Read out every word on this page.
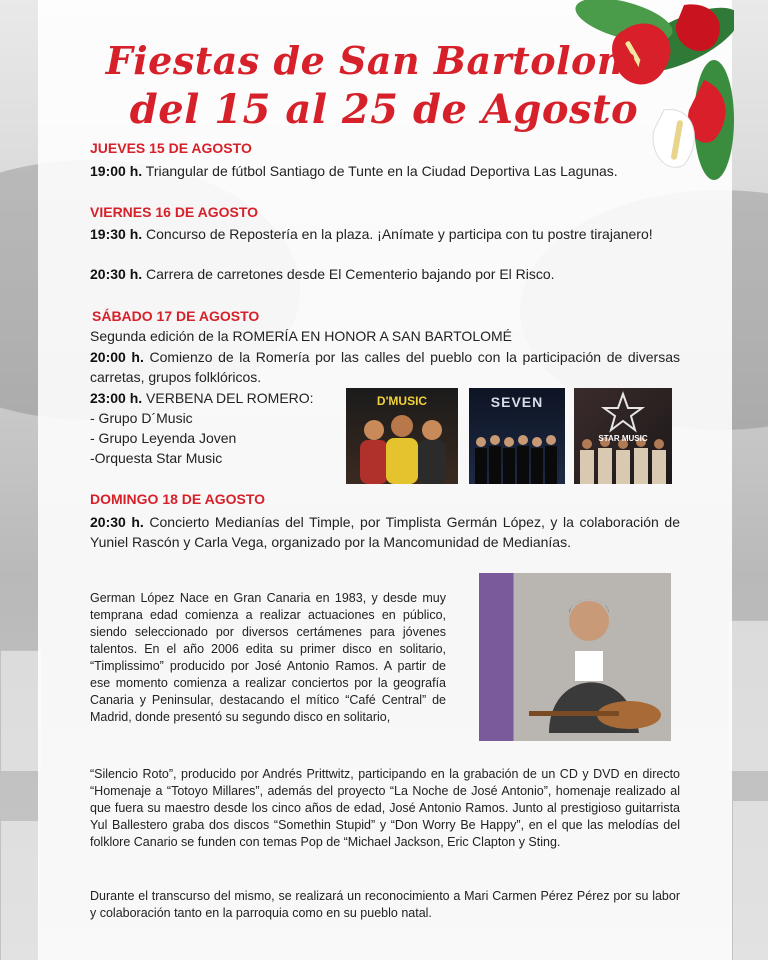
Fiestas de San Bartolomé
del 15 al 25 de Agosto
JUEVES 15 DE AGOSTO
19:00 h. Triangular de fútbol Santiago de Tunte en la Ciudad Deportiva Las Lagunas.
VIERNES 16 DE AGOSTO
19:30 h. Concurso de Repostería en la plaza. ¡Anímate y participa con tu postre tirajanero!
20:30 h. Carrera de carretones desde El Cementerio bajando por El Risco.
SÁBADO 17 DE AGOSTO
Segunda edición de la ROMERÍA EN HONOR A SAN BARTOLOMÉ
20:00 h. Comienzo de la Romería por las calles del pueblo con la participación de diversas carretas, grupos folklóricos.
23:00 h. VERBENA DEL ROMERO:
- Grupo D´Music
- Grupo Leyenda Joven
-Orquesta Star Music
D'MUSIC	SEVEN
STAR MUSIC
DOMINGO 18 DE AGOSTO
20:30 h. Concierto Medianías del Timple, por Timplista Germán López, y la colaboración de Yuniel Rascón y Carla Vega, organizado por la Mancomunidad de Medianías.
German López Nace en Gran Canaria en 1983, y desde muy temprana edad comienza a realizar actuaciones en público, siendo seleccionado por diversos certámenes para jóvenes talentos. En el año 2006 edita su primer disco en solitario, “Timplissimo” producido por José Antonio Ramos. A partir de ese momento comienza a realizar conciertos por la geografía Canaria y Peninsular, destacando el mítico “Café Central” de Madrid, donde presentó su segundo disco en solitario,
“Silencio Roto”, producido por Andrés Prittwitz, participando en la grabación de un CD y DVD en directo “Homenaje a “Totoyo Millares”, además del proyecto “La Noche de José Antonio”, homenaje realizado al que fuera su maestro desde los cinco años de edad, José Antonio Ramos. Junto al prestigioso guitarrista Yul Ballestero graba dos discos “Somethin Stupid” y “Don Worry Be Happy”, en el que las melodías del folklore Canario se funden con temas Pop de “Michael Jackson, Eric Clapton y Sting.
Durante el transcurso del mismo, se realizará un reconocimiento a Mari Carmen Pérez Pérez por su labor y colaboración tanto en la parroquia como en su pueblo natal.
